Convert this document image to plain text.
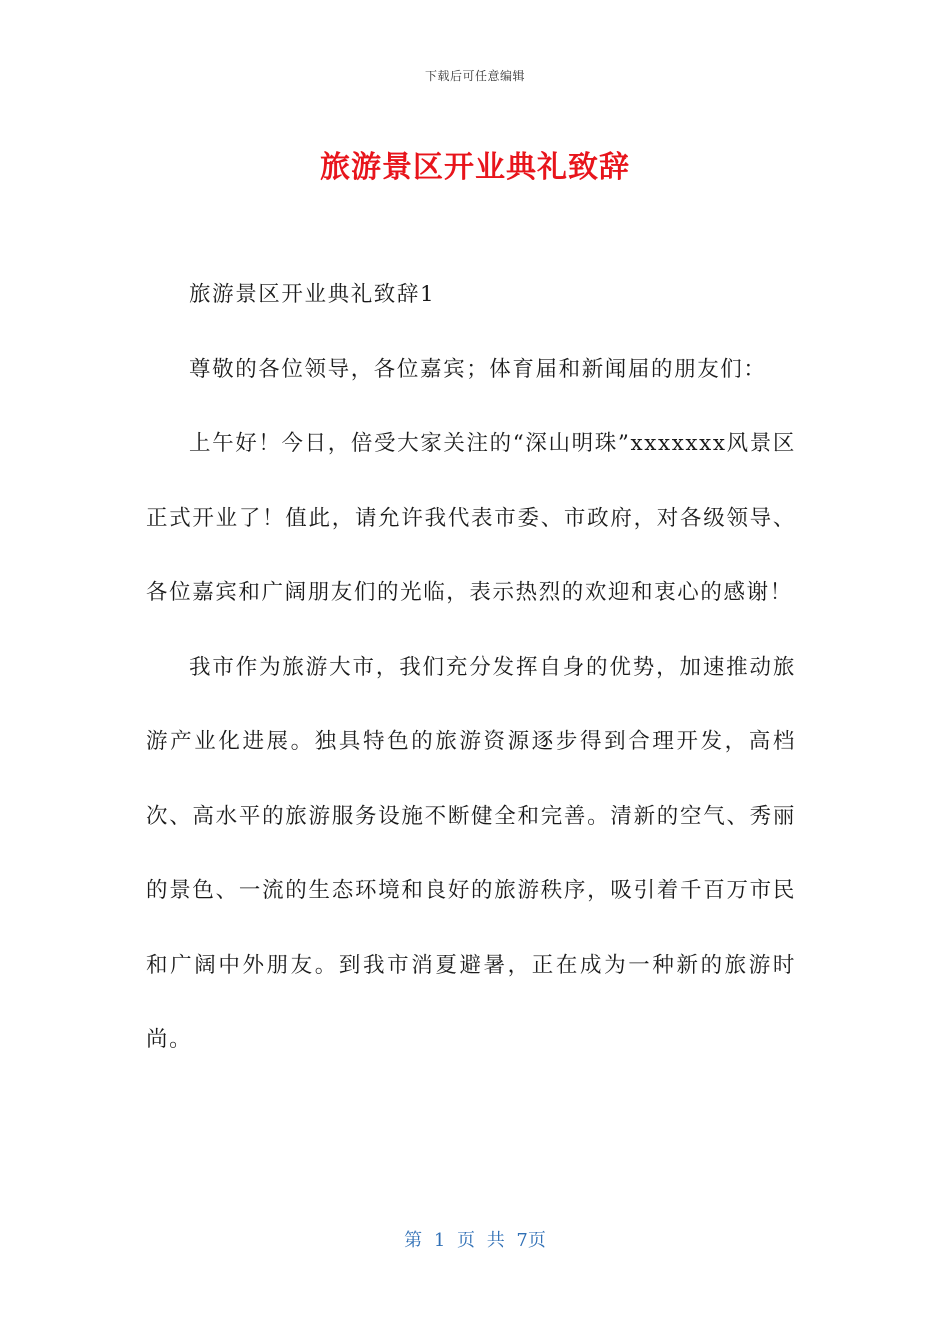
下载后可任意编辑
旅游景区开业典礼致辞

旅游景区开业典礼致辞1

尊敬的各位领导，各位嘉宾；体育届和新闻届的朋友们：

上午好！今日，倍受大家关注的“深山明珠”xxxxxxx风景区正式开业了！值此，请允许我代表市委、市政府，对各级领导、各位嘉宾和广阔朋友们的光临，表示热烈的欢迎和衷心的感谢！

我市作为旅游大市，我们充分发挥自身的优势，加速推动旅游产业化进展。独具特色的旅游资源逐步得到合理开发，高档次、高水平的旅游服务设施不断健全和完善。清新的空气、秀丽的景色、一流的生态环境和良好的旅游秩序，吸引着千百万市民和广阔中外朋友。到我市消夏避暑，正在成为一种新的旅游时尚。

第 1 页 共 7页
